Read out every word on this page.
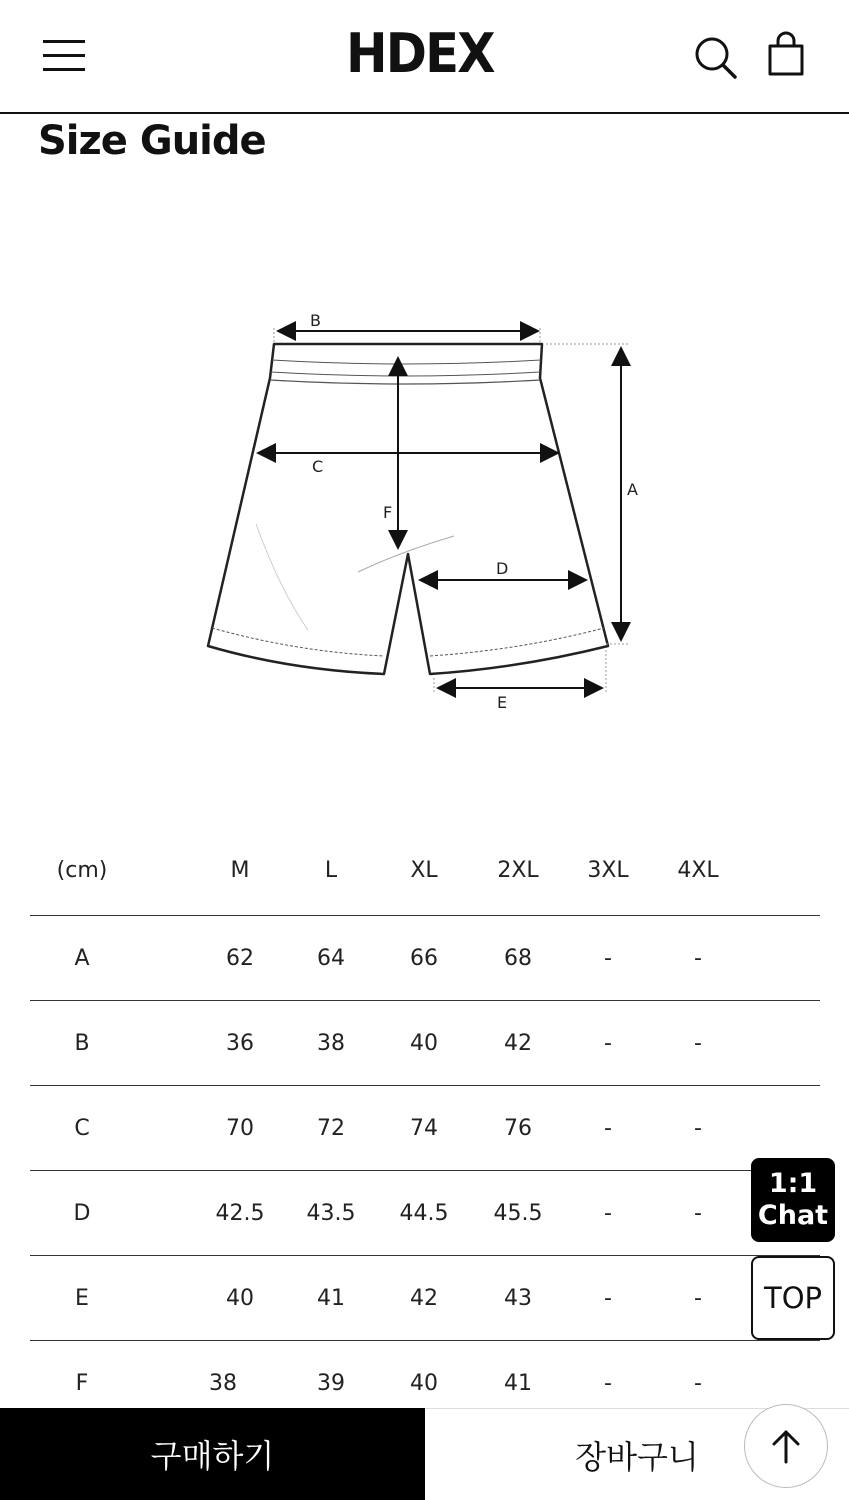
HDEX
Size Guide
B
C
F
A
D
E
(cm)	M	L	XL	2XL	3XL	4XL
A	62	64	66	68	-	-
B	36	38	40	42	-	-
C	70	72	74	76	-	-
D	42.5	43.5	44.5	45.5	-	-
E	40	41	42	43	-	-
F	38	39	40	41	-	-
1:1
Chat
TOP
구매하기	장바구니
